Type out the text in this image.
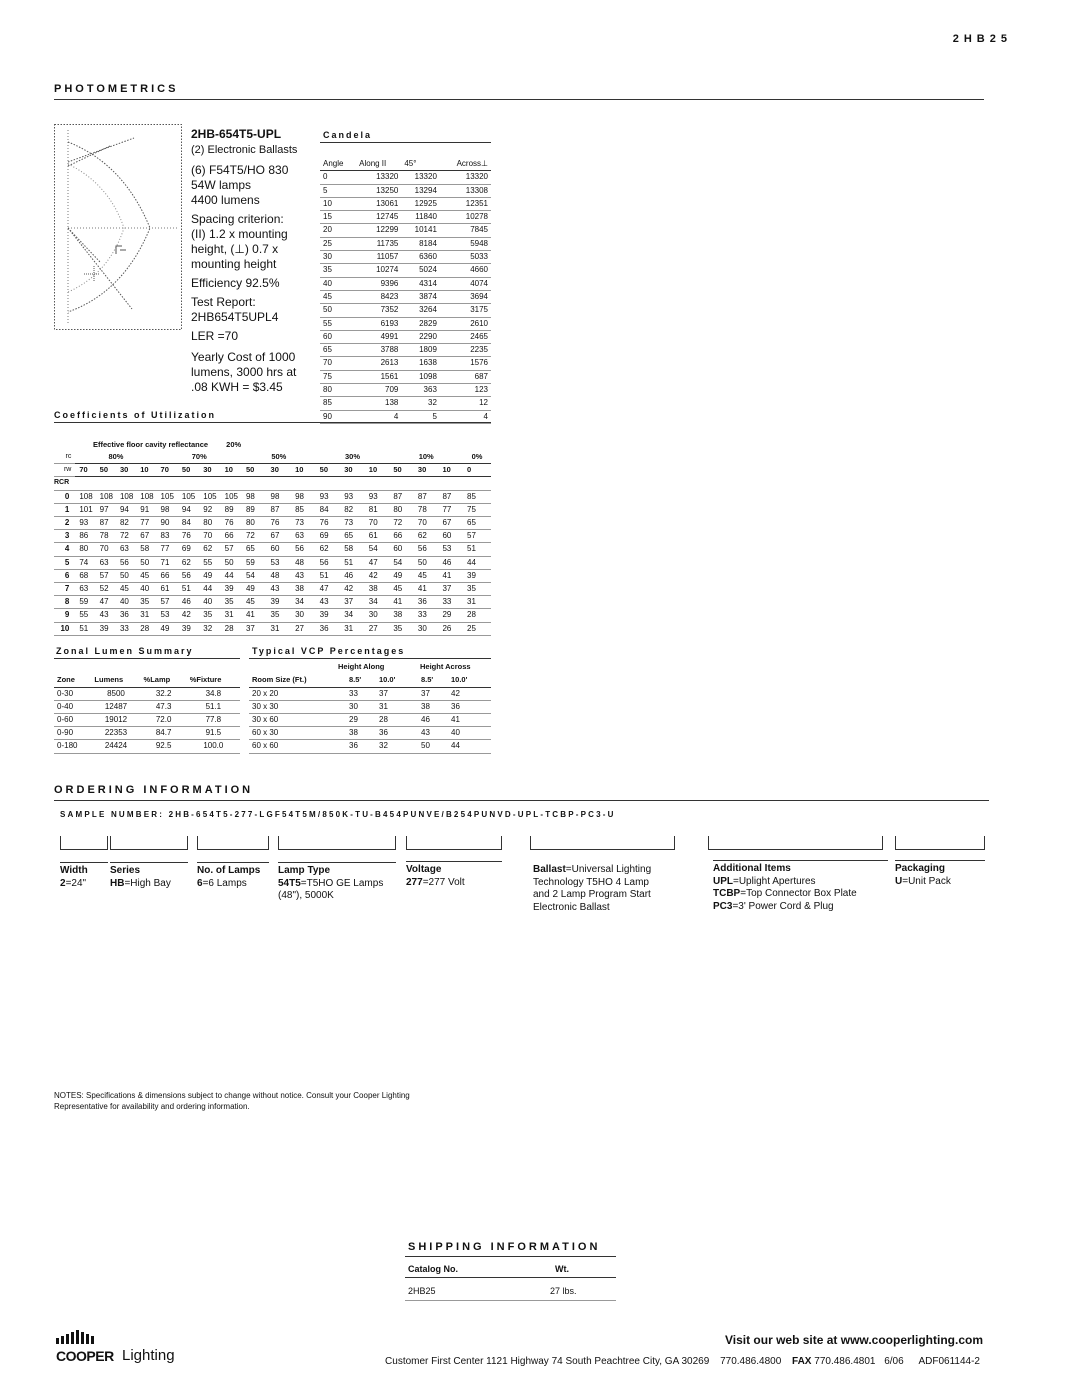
2HB25
PHOTOMETRICS
2HB-654T5-UPL
(2) Electronic Ballasts
(6) F54T5/HO 830
54W lamps
4400 lumens
Spacing criterion:
(II) 1.2 x mounting
height, (⊥) 0.7 x
mounting height
Efficiency 92.5%
Test Report:
2HB654T5UPL4
LER =70
Yearly Cost of 1000
lumens, 3000 hrs at
.08 KWH = $3.45
Candela
Angle	Along II	45°	Across⊥
0	13320	13320	13320
5	13250	13294	13308
10	13061	12925	12351
15	12745	11840	10278
20	12299	10141	7845
25	11735	8184	5948
30	11057	6360	5033
35	10274	5024	4660
40	9396	4314	4074
45	8423	3874	3694
50	7352	3264	3175
55	6193	2829	2610
60	4991	2290	2465
65	3788	1809	2235
70	2613	1638	1576
75	1561	1098	687
80	709	363	123
85	138	32	12
90	4	5	4
Coefficients of Utilization
Effective floor cavity reflectance 20%
rc	80%				70%				50%			30%			10%			0%
rw	70	50	30	10	70	50	30	10	50	30	10	50	30	10	50	30	10	0
RCR																		
0	108	108	108	108	105	105	105	105	98	98	98	93	93	93	87	87	87	85
1	101	97	94	91	98	94	92	89	89	87	85	84	82	81	80	78	77	75
2	93	87	82	77	90	84	80	76	80	76	73	76	73	70	72	70	67	65
3	86	78	72	67	83	76	70	66	72	67	63	69	65	61	66	62	60	57
4	80	70	63	58	77	69	62	57	65	60	56	62	58	54	60	56	53	51
5	74	63	56	50	71	62	55	50	59	53	48	56	51	47	54	50	46	44
6	68	57	50	45	66	56	49	44	54	48	43	51	46	42	49	45	41	39
7	63	52	45	40	61	51	44	39	49	43	38	47	42	38	45	41	37	35
8	59	47	40	35	57	46	40	35	45	39	34	43	37	34	41	36	33	31
9	55	43	36	31	53	42	35	31	41	35	30	39	34	30	38	33	29	28
10	51	39	33	28	49	39	32	28	37	31	27	36	31	27	35	30	26	25
Zonal Lumen Summary
Zone	Lumens	%Lamp	%Fixture
0-30	8500	32.2	34.8
0-40	12487	47.3	51.1
0-60	19012	72.0	77.8
0-90	22353	84.7	91.5
0-180	24424	92.5	100.0
Typical VCP Percentages
Height Along	Height Across
Room Size (Ft.)	8.5'	10.0'	8.5'	10.0'
20 x 20	33	37	37	42
30 x 30	30	31	38	36
30 x 60	29	28	46	41
60 x 30	38	36	43	40
60 x 60	36	32	50	44
ORDERING INFORMATION
SAMPLE NUMBER: 2HB-654T5-277-LGF54T5M/850K-TU-B454PUNVE/B254PUNVD-UPL-TCBP-PC3-U
Width
2=24"
Series
HB=High Bay
No. of Lamps
6=6 Lamps
Lamp Type
54T5=T5HO GE Lamps
(48"), 5000K
Voltage
277=277 Volt
Ballast=Universal Lighting
Technology T5HO 4 Lamp
and 2 Lamp Program Start
Electronic Ballast
Additional Items
UPL=Uplight Apertures
TCBP=Top Connector Box Plate
PC3=3' Power Cord & Plug
Packaging
U=Unit Pack
NOTES: Specifications & dimensions subject to change without notice. Consult your Cooper Lighting
Representative for availability and ordering information.
SHIPPING INFORMATION
Catalog No.	Wt.
2HB25	27 lbs.
Visit our web site at www.cooperlighting.com
COOPER Lighting	Customer First Center 1121 Highway 74 South Peachtree City, GA 30269 770.486.4800 FAX 770.486.4801 6/06 ADF061144-2
